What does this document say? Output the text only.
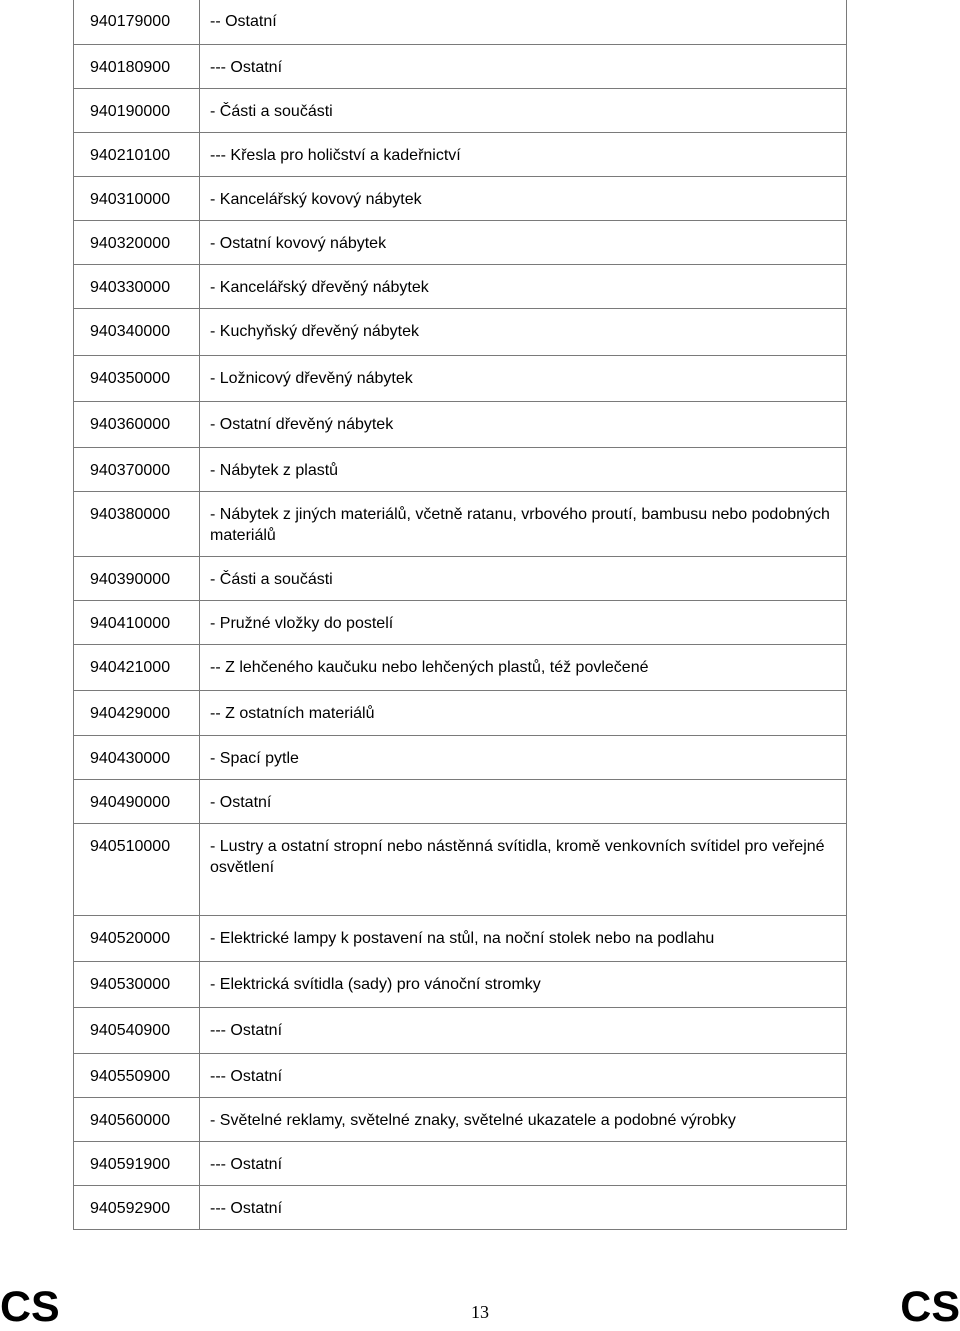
940179000	-- Ostatní
940180900	--- Ostatní
940190000	- Části a součásti
940210100	--- Křesla pro holičství a kadeřnictví
940310000	- Kancelářský kovový nábytek
940320000	- Ostatní kovový nábytek
940330000	- Kancelářský dřevěný nábytek
940340000	- Kuchyňský dřevěný nábytek
940350000	- Ložnicový dřevěný nábytek
940360000	- Ostatní dřevěný nábytek
940370000	- Nábytek z plastů
940380000	- Nábytek z jiných materiálů, včetně ratanu, vrbového proutí, bambusu nebo podobných materiálů
940390000	- Části a součásti
940410000	- Pružné vložky do postelí
940421000	-- Z lehčeného kaučuku nebo lehčených plastů, též povlečené
940429000	-- Z ostatních materiálů
940430000	- Spací pytle
940490000	- Ostatní
940510000	- Lustry a ostatní stropní nebo nástěnná svítidla, kromě venkovních svítidel pro veřejné osvětlení
940520000	- Elektrické lampy k postavení na stůl, na noční stolek nebo na podlahu
940530000	- Elektrická svítidla (sady) pro vánoční stromky
940540900	--- Ostatní
940550900	--- Ostatní
940560000	- Světelné reklamy, světelné znaky, světelné ukazatele a podobné výrobky
940591900	--- Ostatní
940592900	--- Ostatní
CS	13	CS
